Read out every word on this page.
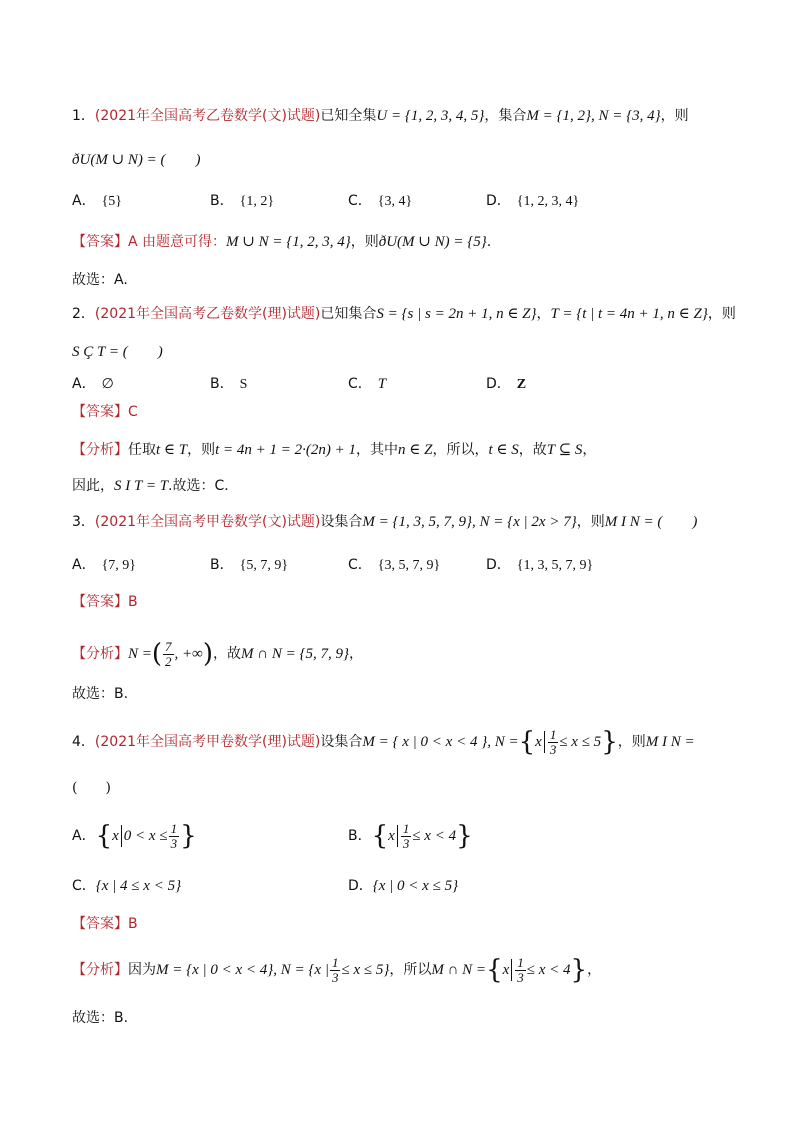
1．(2021年全国高考乙卷数学(文)试题)已知全集U = {1, 2, 3, 4, 5}，集合M = {1, 2}, N = {3, 4}，则
ðU(M ∪ N) = (　　)
A． {5}	B． {1, 2}	C． {3, 4}	D． {1, 2, 3, 4}
【答案】A 由题意可得：M ∪ N = {1, 2, 3, 4}，则ðU(M ∪ N) = {5}.
故选：A.
2．(2021年全国高考乙卷数学(理)试题)已知集合S = {s | s = 2n + 1, n ∈ Z}，T = {t | t = 4n + 1, n ∈ Z}，则
S Ç T = (　　)
A． ∅	B． S	C． T	D． Z
【答案】C
【分析】任取t ∈ T，则t = 4n + 1 = 2·(2n) + 1，其中n ∈ Z，所以，t ∈ S，故T ⊆ S，
因此，S I T = T.故选：C.
3．(2021年全国高考甲卷数学(文)试题)设集合M = {1, 3, 5, 7, 9}, N = {x | 2x > 7}，则M I N = (　　)
A． {7, 9}	B． {5, 7, 9}	C． {3, 5, 7, 9}	D． {1, 3, 5, 7, 9}
【答案】B
【分析】N =( $\frac{7}{2}$ , +∞)，故M ∩ N = {5, 7, 9}，
故选：B.
4．(2021年全国高考甲卷数学(理)试题)设集合M = { x | 0 < x < 4 }, $N =\{x \frac{1}{3} \le x \le 5\}$，则M I N =
(　　)
A．{x $0 < x \le \frac{1}{3}$ }	B．$\{x \frac{1}{3} \le x < 4\}$
C．{x | 4 ≤ x < 5}	D．{x | 0 < x ≤ 5}
【答案】B
【分析】因为M = {x | 0 < x < 4}, N = {x | $\frac{1}{3} \le x \le 5$}，所以M ∩ $N =\{x \frac{1}{3} \le x < 4\}$，
故选：B.
